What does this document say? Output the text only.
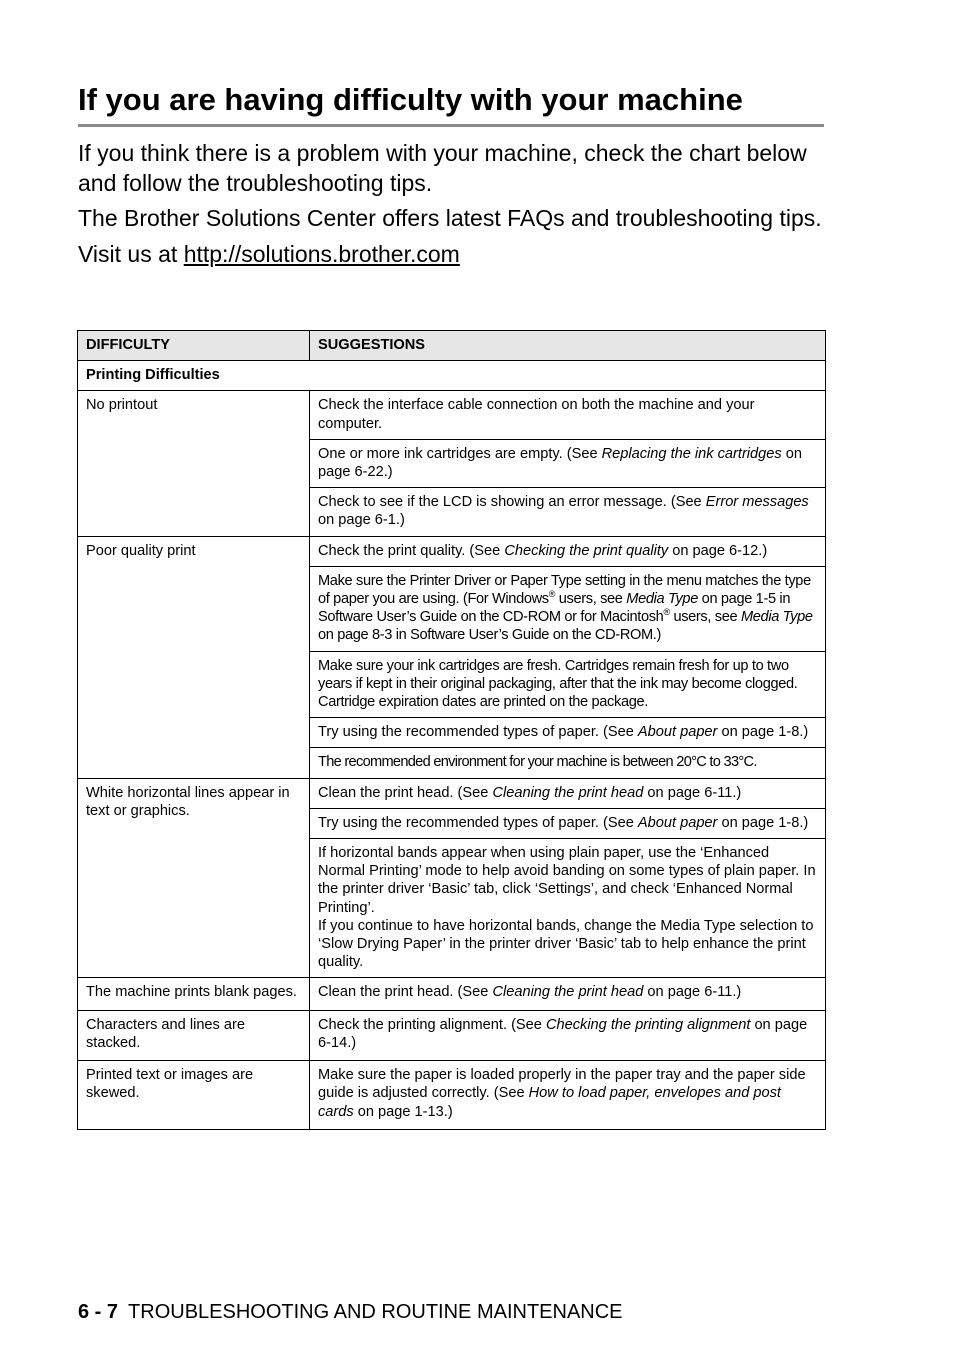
If you are having difficulty with your machine

If you think there is a problem with your machine, check the chart below and follow the troubleshooting tips.

The Brother Solutions Center offers latest FAQs and troubleshooting tips.

Visit us at http://solutions.brother.com

DIFFICULTY	SUGGESTIONS
Printing Difficulties	
No printout	Check the interface cable connection on both the machine and your computer.
	One or more ink cartridges are empty. (See Replacing the ink cartridges on page 6-22.)
	Check to see if the LCD is showing an error message. (See Error messages on page 6-1.)
Poor quality print	Check the print quality. (See Checking the print quality on page 6-12.)
	Make sure the Printer Driver or Paper Type setting in the menu matches the type of paper you are using. (For Windows® users, see Media Type on page 1-5 in Software User’s Guide on the CD-ROM or for Macintosh® users, see Media Type on page 8-3 in Software User’s Guide on the CD-ROM.)
	Make sure your ink cartridges are fresh. Cartridges remain fresh for up to two years if kept in their original packaging, after that the ink may become clogged. Cartridge expiration dates are printed on the package.
	Try using the recommended types of paper. (See About paper on page 1-8.)
	The recommended environment for your machine is between 20°C to 33°C.
White horizontal lines appear in text or graphics.	Clean the print head. (See Cleaning the print head on page 6-11.)
	Try using the recommended types of paper. (See About paper on page 1-8.)

	If horizontal bands appear when using plain paper, use the ‘Enhanced Normal Printing’ mode to help avoid banding on some types of plain paper. In the printer driver ‘Basic’ tab, click ‘Settings’, and check ‘Enhanced Normal Printing’.
If you continue to have horizontal bands, change the Media Type selection to ‘Slow Drying Paper’ in the printer driver ‘Basic’ tab to help enhance the print quality.

The machine prints blank pages.	Clean the print head. (See Cleaning the print head on page 6-11.)
Characters and lines are stacked.	Check the printing alignment. (See Checking the printing alignment on page 6-14.)
Printed text or images are skewed.	Make sure the paper is loaded properly in the paper tray and the paper side guide is adjusted correctly. (See How to load paper, envelopes and post cards on page 1-13.)
6 - 7 TROUBLESHOOTING AND ROUTINE MAINTENANCE
